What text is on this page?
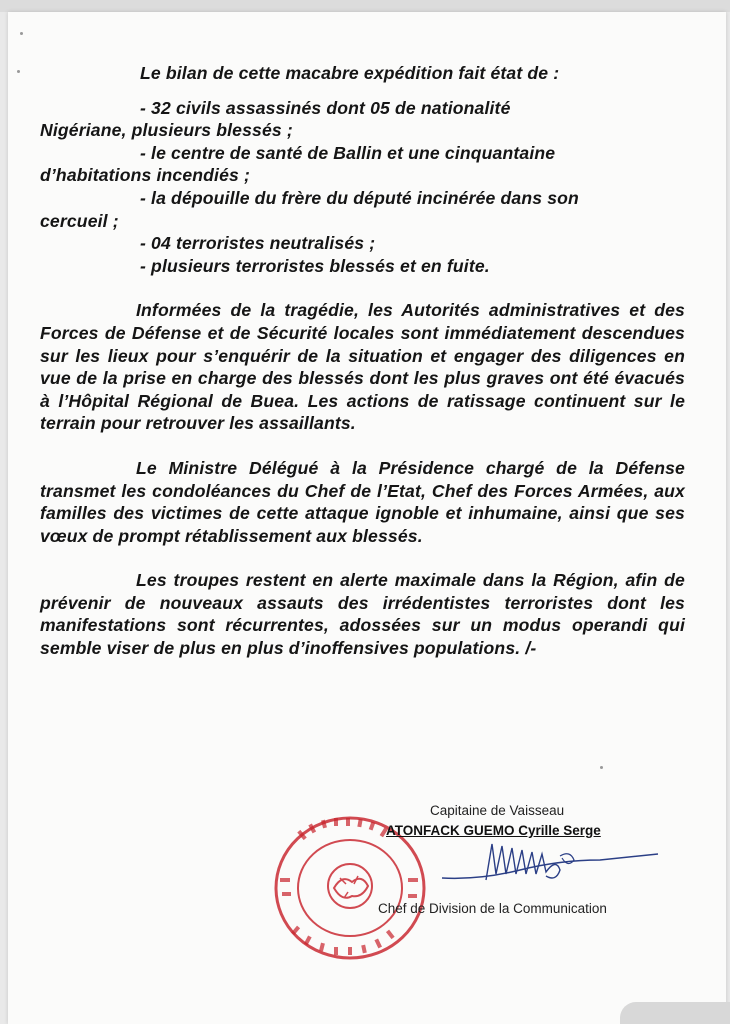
Le bilan de cette macabre expédition fait état de :

- 32 civils assassinés dont 05 de nationalité

Nigériane, plusieurs blessés ;

- le centre de santé de Ballin et une cinquantaine

d’habitations incendiés ;

- la dépouille du frère du député incinérée dans son

cercueil ;

- 04 terroristes neutralisés ;

- plusieurs terroristes blessés et en fuite.

Informées de la tragédie, les Autorités administratives et des Forces de Défense et de Sécurité locales sont immédiatement descendues sur les lieux pour s’enquérir de la situation et engager des diligences en vue de la prise en charge des blessés dont les plus graves ont été évacués à l’Hôpital Régional de Buea. Les actions de ratissage continuent sur le terrain pour retrouver les assaillants.

Le Ministre Délégué à la Présidence chargé de la Défense transmet les condoléances du Chef de l’Etat, Chef des Forces Armées, aux familles des victimes de cette attaque ignoble et inhumaine, ainsi que ses vœux de prompt rétablissement aux blessés.

Les troupes restent en alerte maximale dans la Région, afin de prévenir de nouveaux assauts des irrédentistes terroristes dont les manifestations sont récurrentes, adossées sur un modus operandi qui semble viser de plus en plus d’inoffensives populations. /-

Capitaine de Vaisseau
ATONFACK GUEMO Cyrille Serge
Chef de Division de la Communication
